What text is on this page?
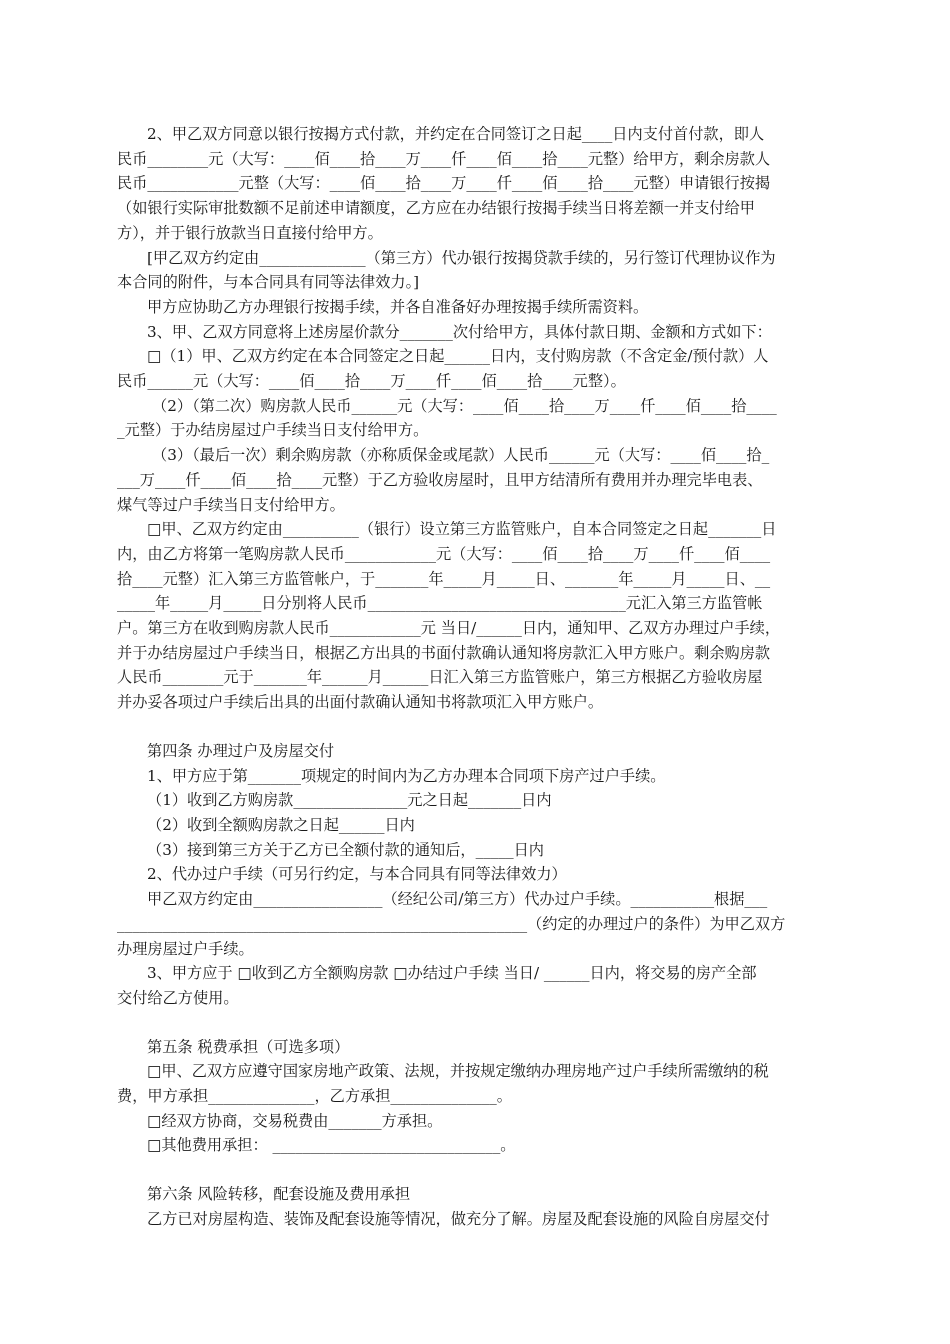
2、甲乙双方同意以银行按揭方式付款，并约定在合同签订之日起____日内支付首付款，即人
民币________元（大写：____佰____拾____万____仟____佰____拾____元整）给甲方，剩余房款人
民币____________元整（大写：____佰____拾____万____仟____佰____拾____元整）申请银行按揭
（如银行实际审批数额不足前述申请额度，乙方应在办结银行按揭手续当日将差额一并支付给甲
方），并于银行放款当日直接付给甲方。
[甲乙双方约定由______________（第三方）代办银行按揭贷款手续的，另行签订代理协议作为
本合同的附件，与本合同具有同等法律效力。]
甲方应协助乙方办理银行按揭手续，并各自准备好办理按揭手续所需资料。
3、甲、乙双方同意将上述房屋价款分_______次付给甲方，具体付款日期、金额和方式如下：
□（1）甲、乙双方约定在本合同签定之日起______日内，支付购房款（不含定金/预付款）人
民币______元（大写：____佰____拾____万____仟____佰____拾____元整）。
（2）（第二次）购房款人民币______元（大写：____佰____拾____万____仟____佰____拾____
_元整）于办结房屋过户手续当日支付给甲方。
（3）（最后一次）剩余购房款（亦称质保金或尾款）人民币______元（大写：____佰____拾_
___万____仟____佰____拾____元整）于乙方验收房屋时，且甲方结清所有费用并办理完毕电表、
煤气等过户手续当日支付给甲方。
□甲、乙双方约定由__________（银行）设立第三方监管账户，自本合同签定之日起_______日
内，由乙方将第一笔购房款人民币____________元（大写：____佰____拾____万____仟____佰____
拾____元整）汇入第三方监管帐户，于_______年_____月_____日、_______年_____月_____日、__
_____年_____月_____日分别将人民币__________________________________元汇入第三方监管帐
户。第三方在收到购房款人民币____________元 当日/______日内，通知甲、乙双方办理过户手续，
并于办结房屋过户手续当日，根据乙方出具的书面付款确认通知将房款汇入甲方账户。剩余购房款
人民币________元于_______年______月______日汇入第三方监管账户，第三方根据乙方验收房屋
并办妥各项过户手续后出具的出面付款确认通知书将款项汇入甲方账户。
第四条 办理过户及房屋交付
1、甲方应于第_______项规定的时间内为乙方办理本合同项下房产过户手续。
（1）收到乙方购房款_______________元之日起_______日内
（2）收到全额购房款之日起______日内
（3）接到第三方关于乙方已全额付款的通知后，_____日内
2、代办过户手续（可另行约定，与本合同具有同等法律效力）
甲乙双方约定由_________________（经纪公司/第三方）代办过户手续。___________根据___
______________________________________________________（约定的办理过户的条件）为甲乙双方
办理房屋过户手续。
3、甲方应于 □收到乙方全额购房款 □办结过户手续 当日/ ______日内，将交易的房产全部
交付给乙方使用。
第五条 税费承担（可选多项）
□甲、乙双方应遵守国家房地产政策、法规，并按规定缴纳办理房地产过户手续所需缴纳的税
费，甲方承担______________，乙方承担______________。
□经双方协商，交易税费由_______方承担。
□其他费用承担： ______________________________。
第六条 风险转移，配套设施及费用承担
乙方已对房屋构造、装饰及配套设施等情况，做充分了解。房屋及配套设施的风险自房屋交付
